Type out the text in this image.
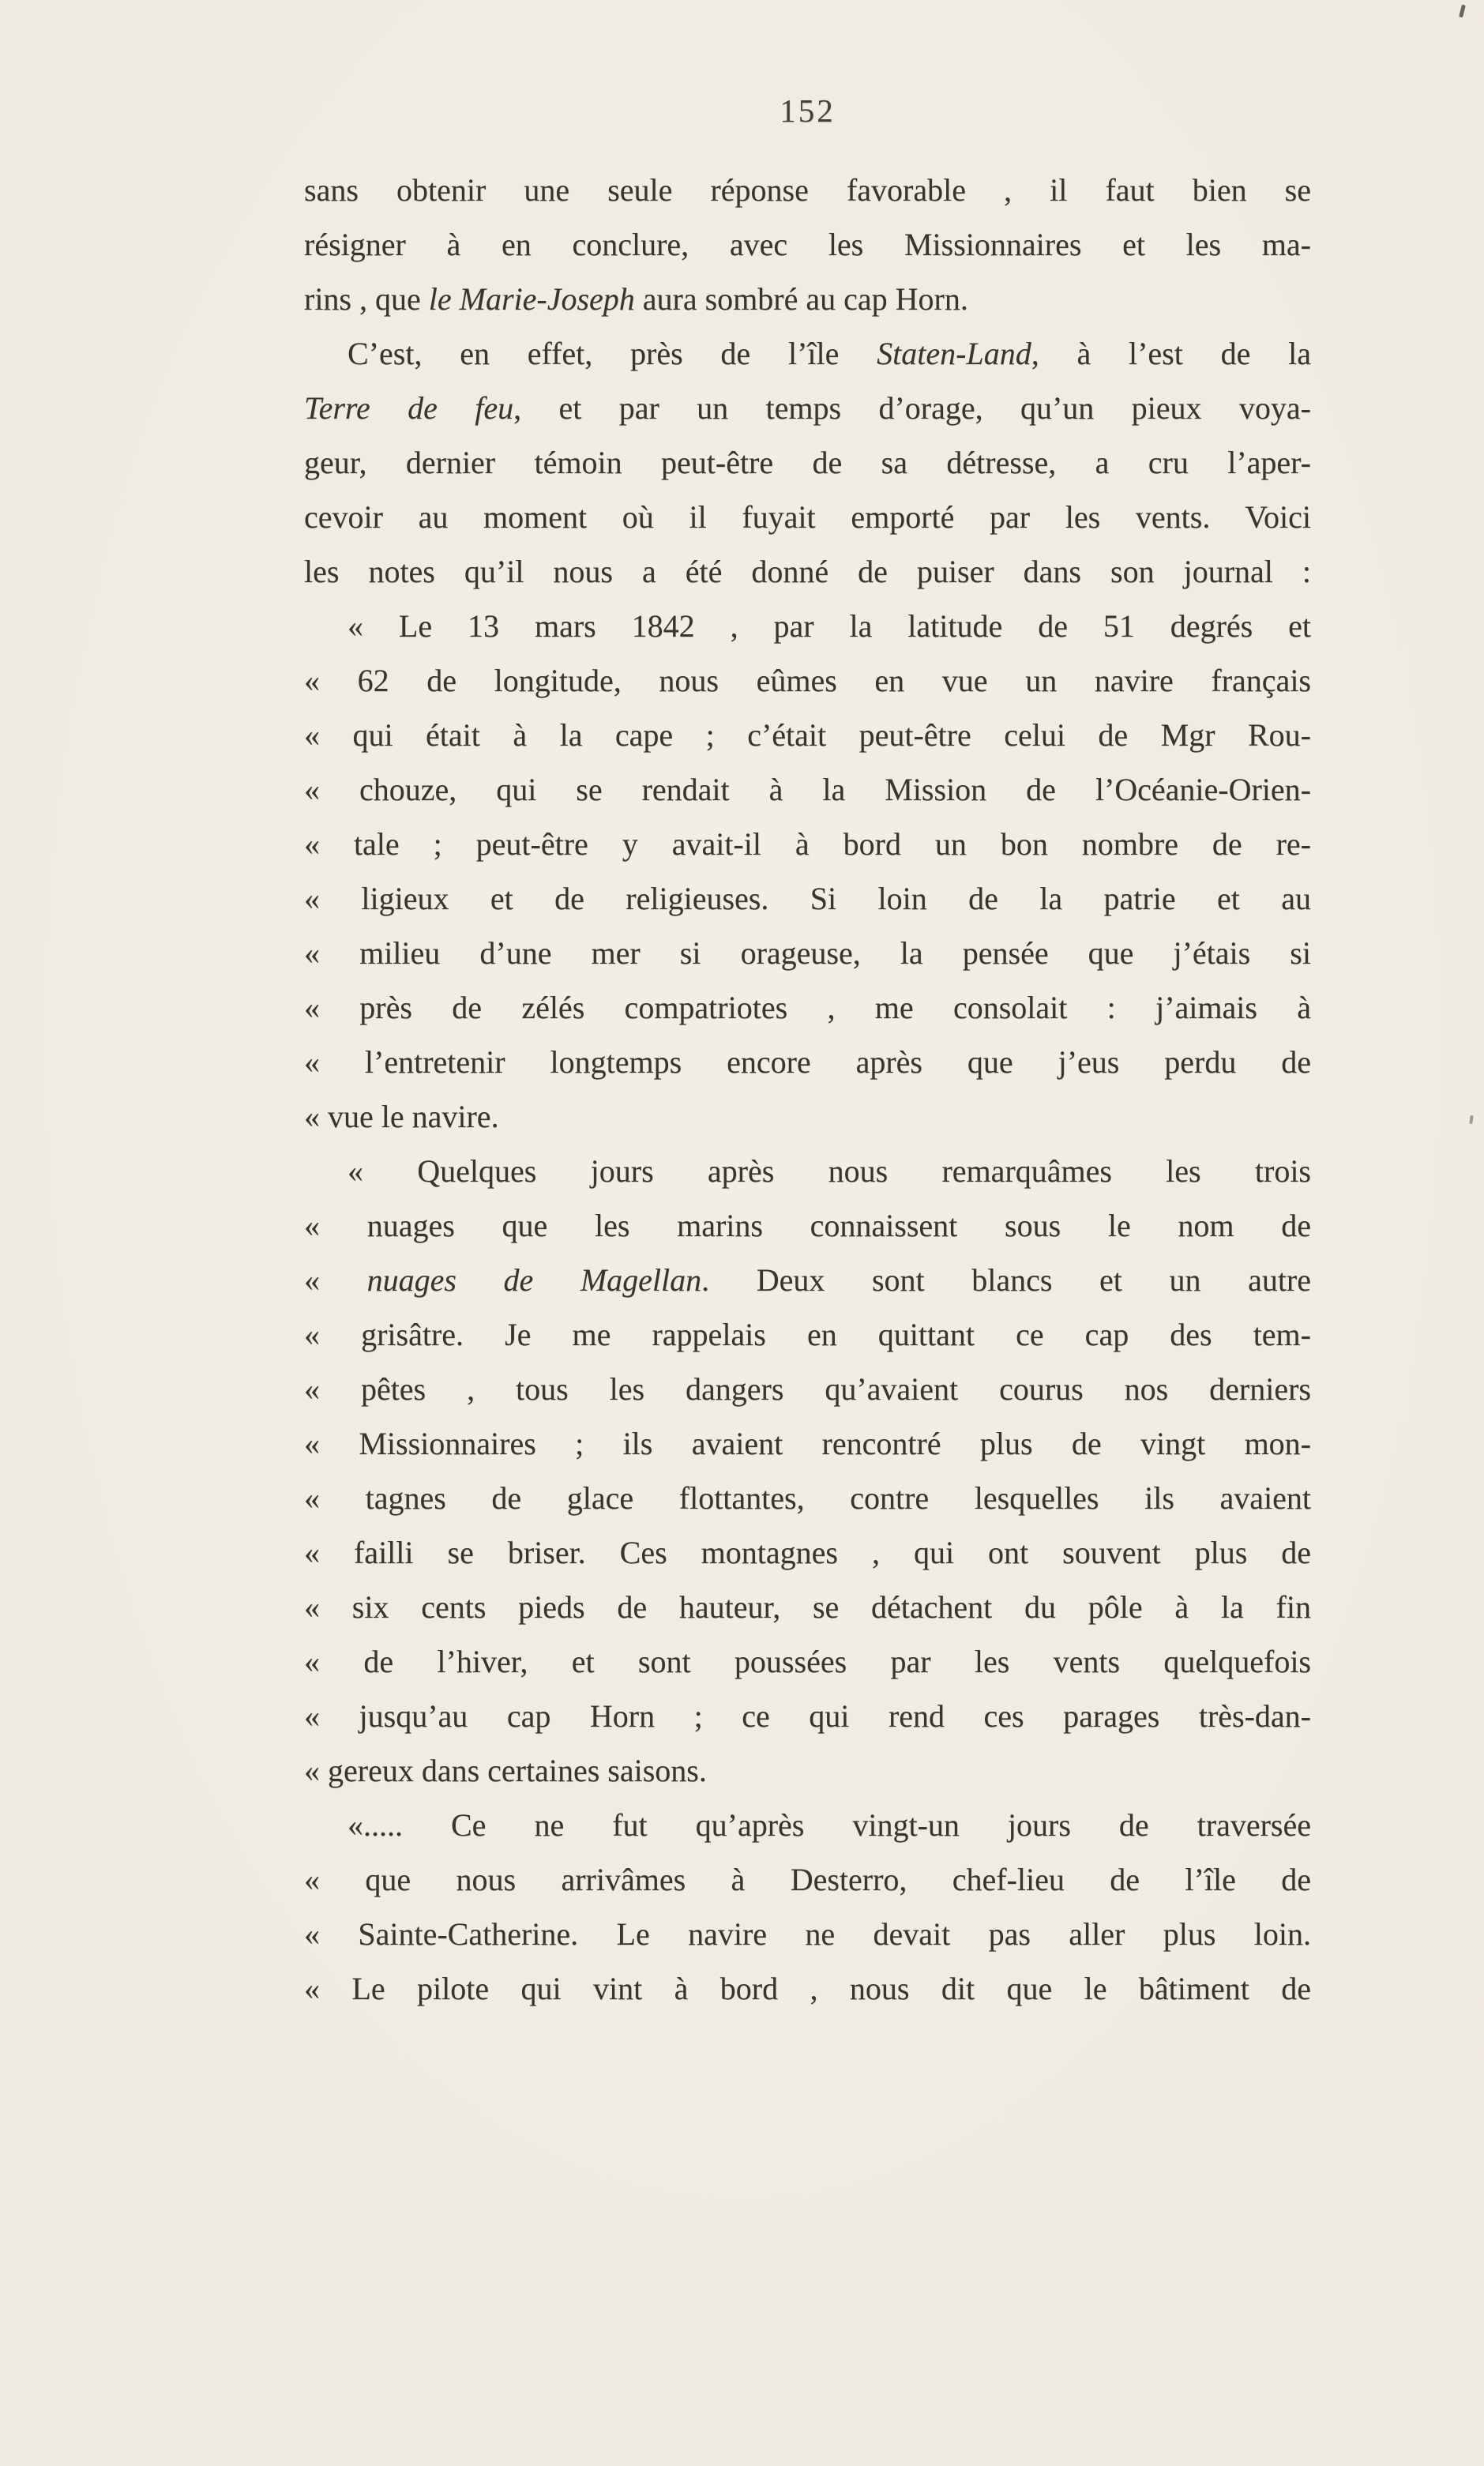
152
sans obtenir une seule réponse favorable , il faut bien se
résigner à en conclure, avec les Missionnaires et les ma-
rins , que le Marie-Joseph aura sombré au cap Horn.
C’est, en effet, près de l’île Staten-Land, à l’est de la
Terre de feu, et par un temps d’orage, qu’un pieux voya-
geur, dernier témoin peut-être de sa détresse, a cru l’aper-
cevoir au moment où il fuyait emporté par les vents. Voici
les notes qu’il nous a été donné de puiser dans son journal :
« Le 13 mars 1842 , par la latitude de 51 degrés et
« 62 de longitude, nous eûmes en vue un navire français
« qui était à la cape ; c’était peut-être celui de Mgr Rou-
« chouze, qui se rendait à la Mission de l’Océanie-Orien-
« tale ; peut-être y avait-il à bord un bon nombre de re-
« ligieux et de religieuses. Si loin de la patrie et au
« milieu d’une mer si orageuse, la pensée que j’étais si
« près de zélés compatriotes , me consolait : j’aimais à
« l’entretenir longtemps encore après que j’eus perdu de
« vue le navire.
« Quelques jours après nous remarquâmes les trois
« nuages que les marins connaissent sous le nom de
« nuages de Magellan. Deux sont blancs et un autre
« grisâtre. Je me rappelais en quittant ce cap des tem-
« pêtes , tous les dangers qu’avaient courus nos derniers
« Missionnaires ; ils avaient rencontré plus de vingt mon-
« tagnes de glace flottantes, contre lesquelles ils avaient
« failli se briser. Ces montagnes , qui ont souvent plus de
« six cents pieds de hauteur, se détachent du pôle à la fin
« de l’hiver, et sont poussées par les vents quelquefois
« jusqu’au cap Horn ; ce qui rend ces parages très-dan-
« gereux dans certaines saisons.
«..... Ce ne fut qu’après vingt-un jours de traversée
« que nous arrivâmes à Desterro, chef-lieu de l’île de
« Sainte-Catherine. Le navire ne devait pas aller plus loin.
« Le pilote qui vint à bord , nous dit que le bâtiment de
